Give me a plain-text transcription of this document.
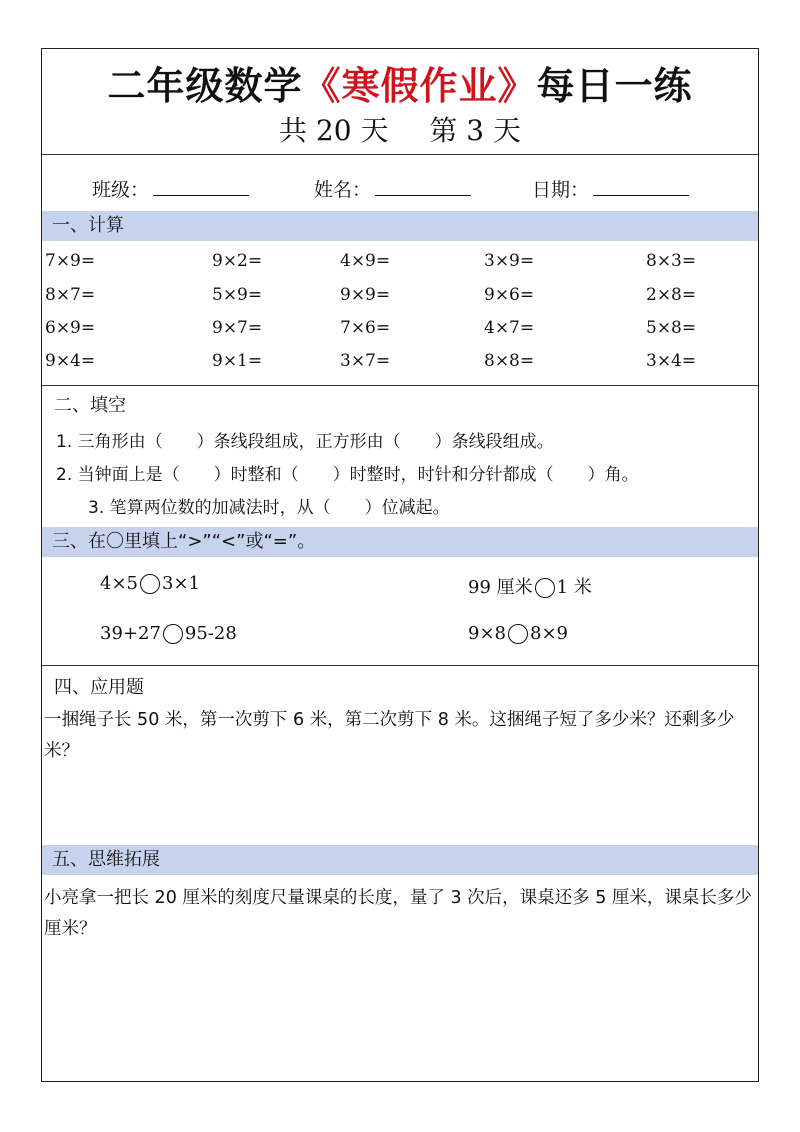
二年级数学《寒假作业》每日一练
共 20 天 第 3 天
班级：	姓名：	日期：
一、计算
7×9=	9×2=	4×9=	3×9=	8×3=
8×7=	5×9=	9×9=	9×6=	2×8=
6×9=	9×7=	7×6=	4×7=	5×8=
9×4=	9×1=	3×7=	8×8=	3×4=
二、填空
1. 三角形由（　　）条线段组成，正方形由（　　）条线段组成。
2. 当钟面上是（　　）时整和（　　）时整时，时针和分针都成（　　）角。
3. 笔算两位数的加减法时，从（　　）位减起。
三、在〇里填上“>”“<”或“=”。
4×5 3×1	99 厘米 1 米
39+27 95-28	9×8 8×9
四、应用题
一捆绳子长 50 米，第一次剪下 6 米，第二次剪下 8 米。这捆绳子短了多少米？还剩多少米？
五、思维拓展
小亮拿一把长 20 厘米的刻度尺量课桌的长度，量了 3 次后，课桌还多 5 厘米，课桌长多少厘米？
